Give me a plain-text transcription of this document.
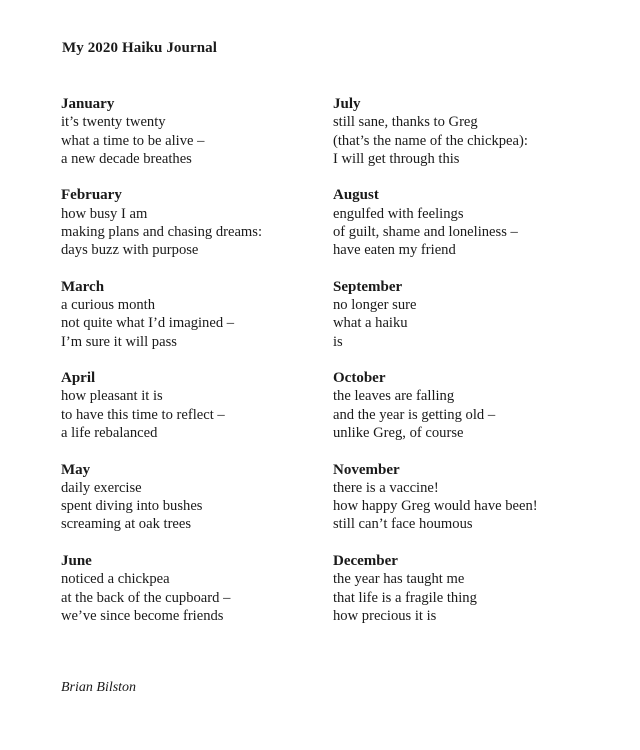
My 2020 Haiku Journal
January
it’s twenty twenty
what a time to be alive –
a new decade breathes
February
how busy I am
making plans and chasing dreams:
days buzz with purpose
March
a curious month
not quite what I’d imagined –
I’m sure it will pass
April
how pleasant it is
to have this time to reflect –
a life rebalanced
May
daily exercise
spent diving into bushes
screaming at oak trees
June
noticed a chickpea
at the back of the cupboard –
we’ve since become friends
July
still sane, thanks to Greg
(that’s the name of the chickpea):
I will get through this
August
engulfed with feelings
of guilt, shame and loneliness –
have eaten my friend
September
no longer sure
what a haiku
is
October
the leaves are falling
and the year is getting old –
unlike Greg, of course
November
there is a vaccine!
how happy Greg would have been!
still can’t face houmous
December
the year has taught me
that life is a fragile thing
how precious it is
Brian Bilston
